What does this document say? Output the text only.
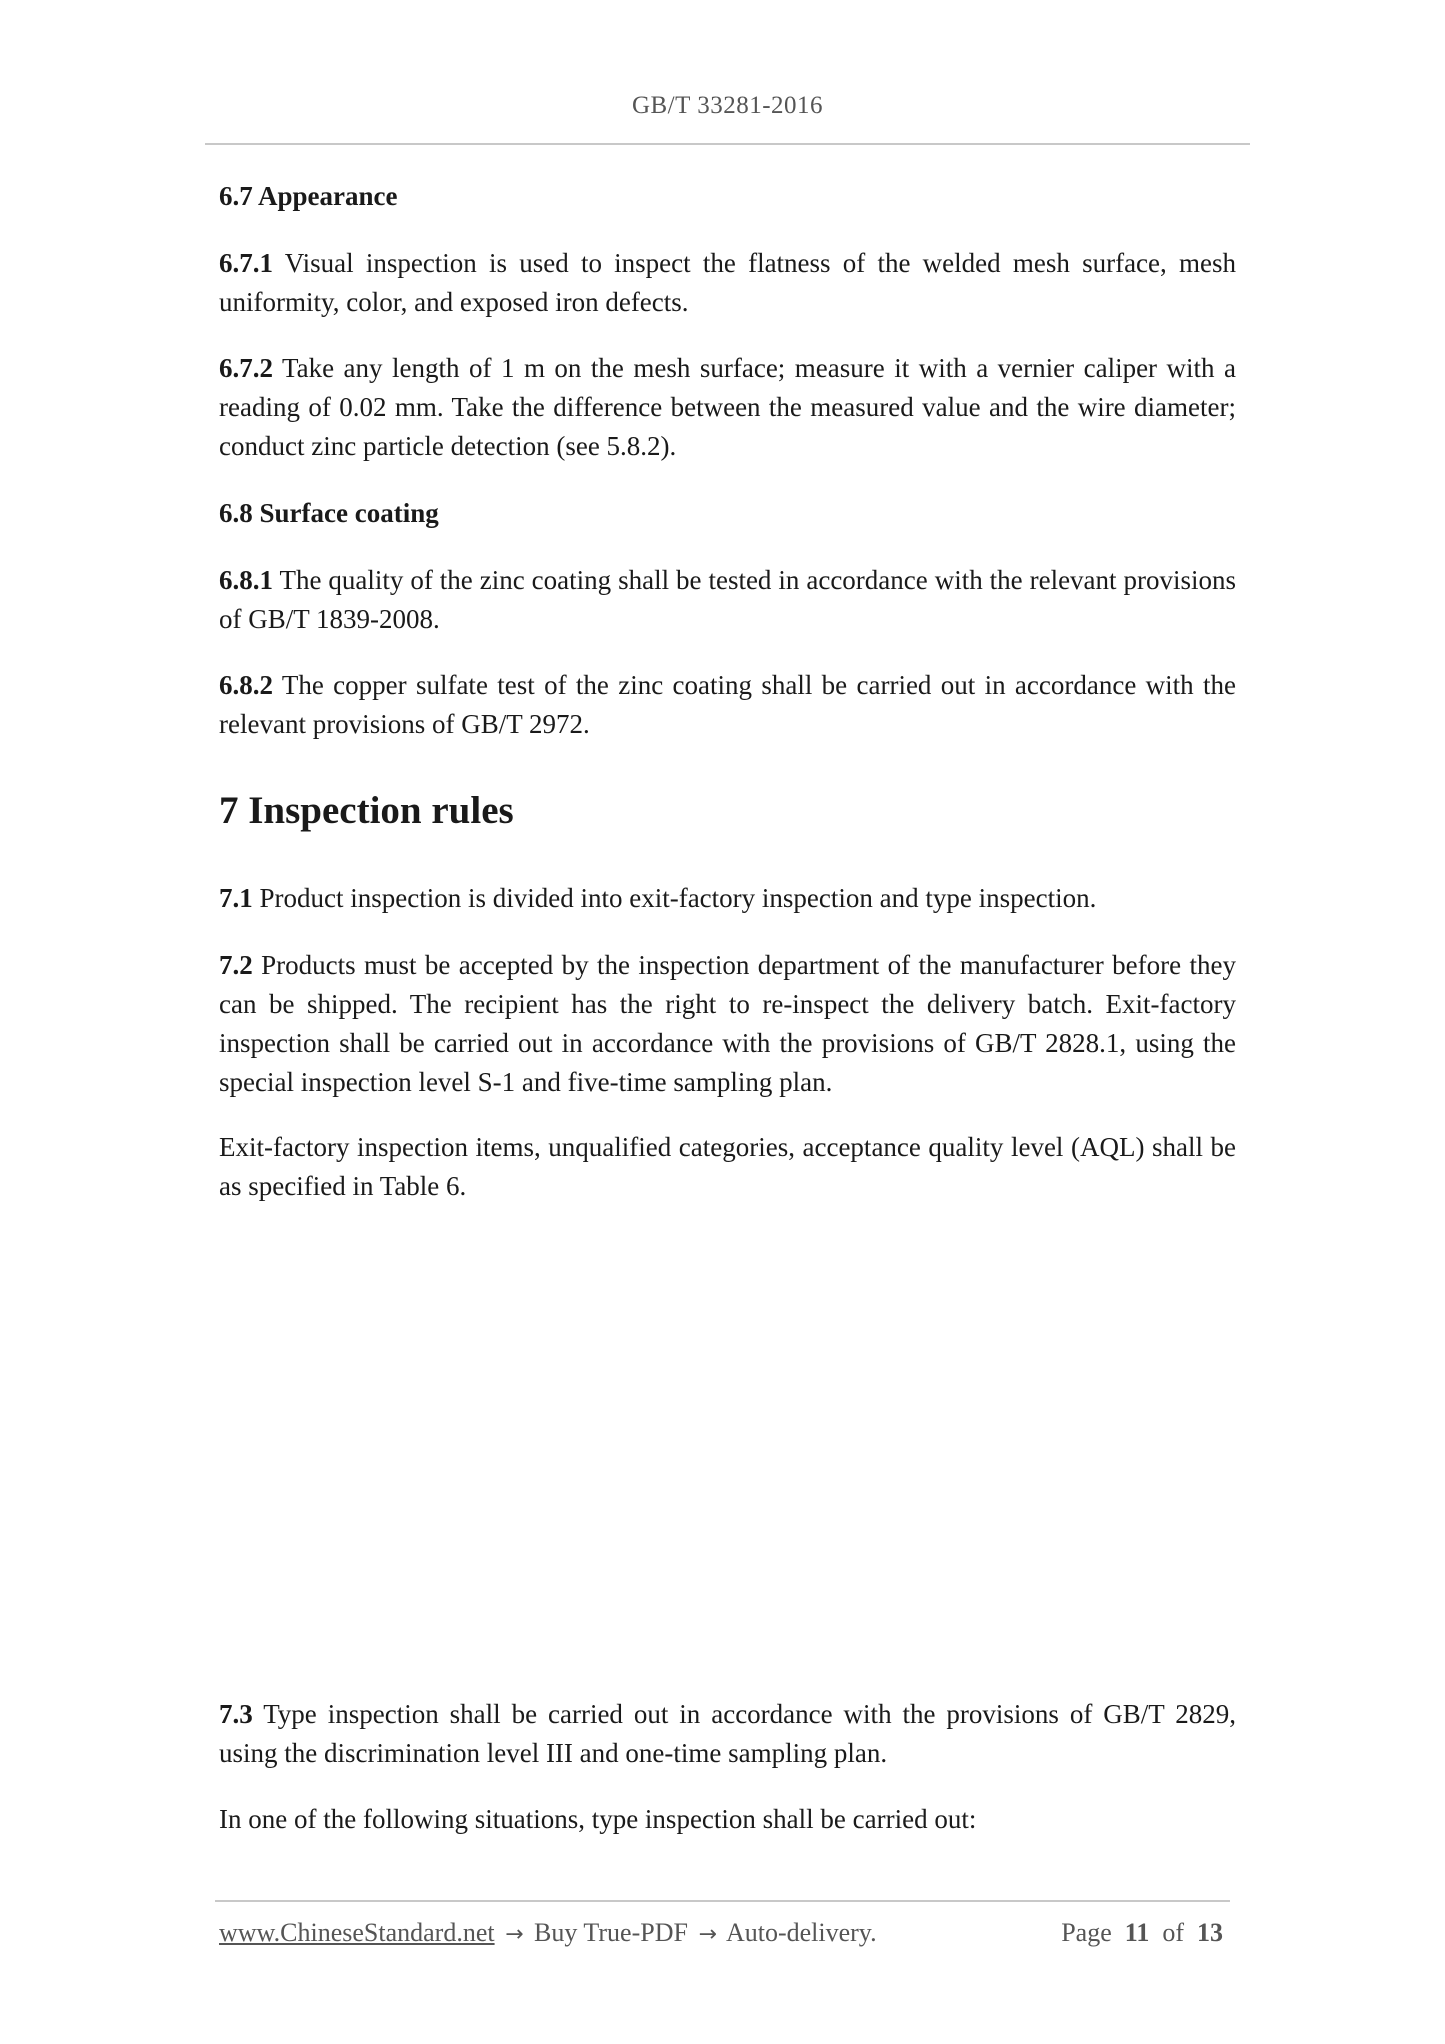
GB/T 33281-2016
6.7 Appearance
6.7.1 Visual inspection is used to inspect the flatness of the welded mesh surface, mesh uniformity, color, and exposed iron defects.
6.7.2 Take any length of 1 m on the mesh surface; measure it with a vernier caliper with a reading of 0.02 mm. Take the difference between the measured value and the wire diameter; conduct zinc particle detection (see 5.8.2).
6.8 Surface coating
6.8.1 The quality of the zinc coating shall be tested in accordance with the relevant provisions of GB/T 1839-2008.
6.8.2 The copper sulfate test of the zinc coating shall be carried out in accordance with the relevant provisions of GB/T 2972.
7 Inspection rules
7.1 Product inspection is divided into exit-factory inspection and type inspection.
7.2 Products must be accepted by the inspection department of the manufacturer before they can be shipped. The recipient has the right to re-inspect the delivery batch. Exit-factory inspection shall be carried out in accordance with the provisions of GB/T 2828.1, using the special inspection level S-1 and five-time sampling plan.
Exit-factory inspection items, unqualified categories, acceptance quality level (AQL) shall be as specified in Table 6.
7.3 Type inspection shall be carried out in accordance with the provisions of GB/T 2829, using the discrimination level III and one-time sampling plan.
In one of the following situations, type inspection shall be carried out:
www.ChineseStandard.net → Buy True-PDF → Auto-delivery.	Page 11 of 13
